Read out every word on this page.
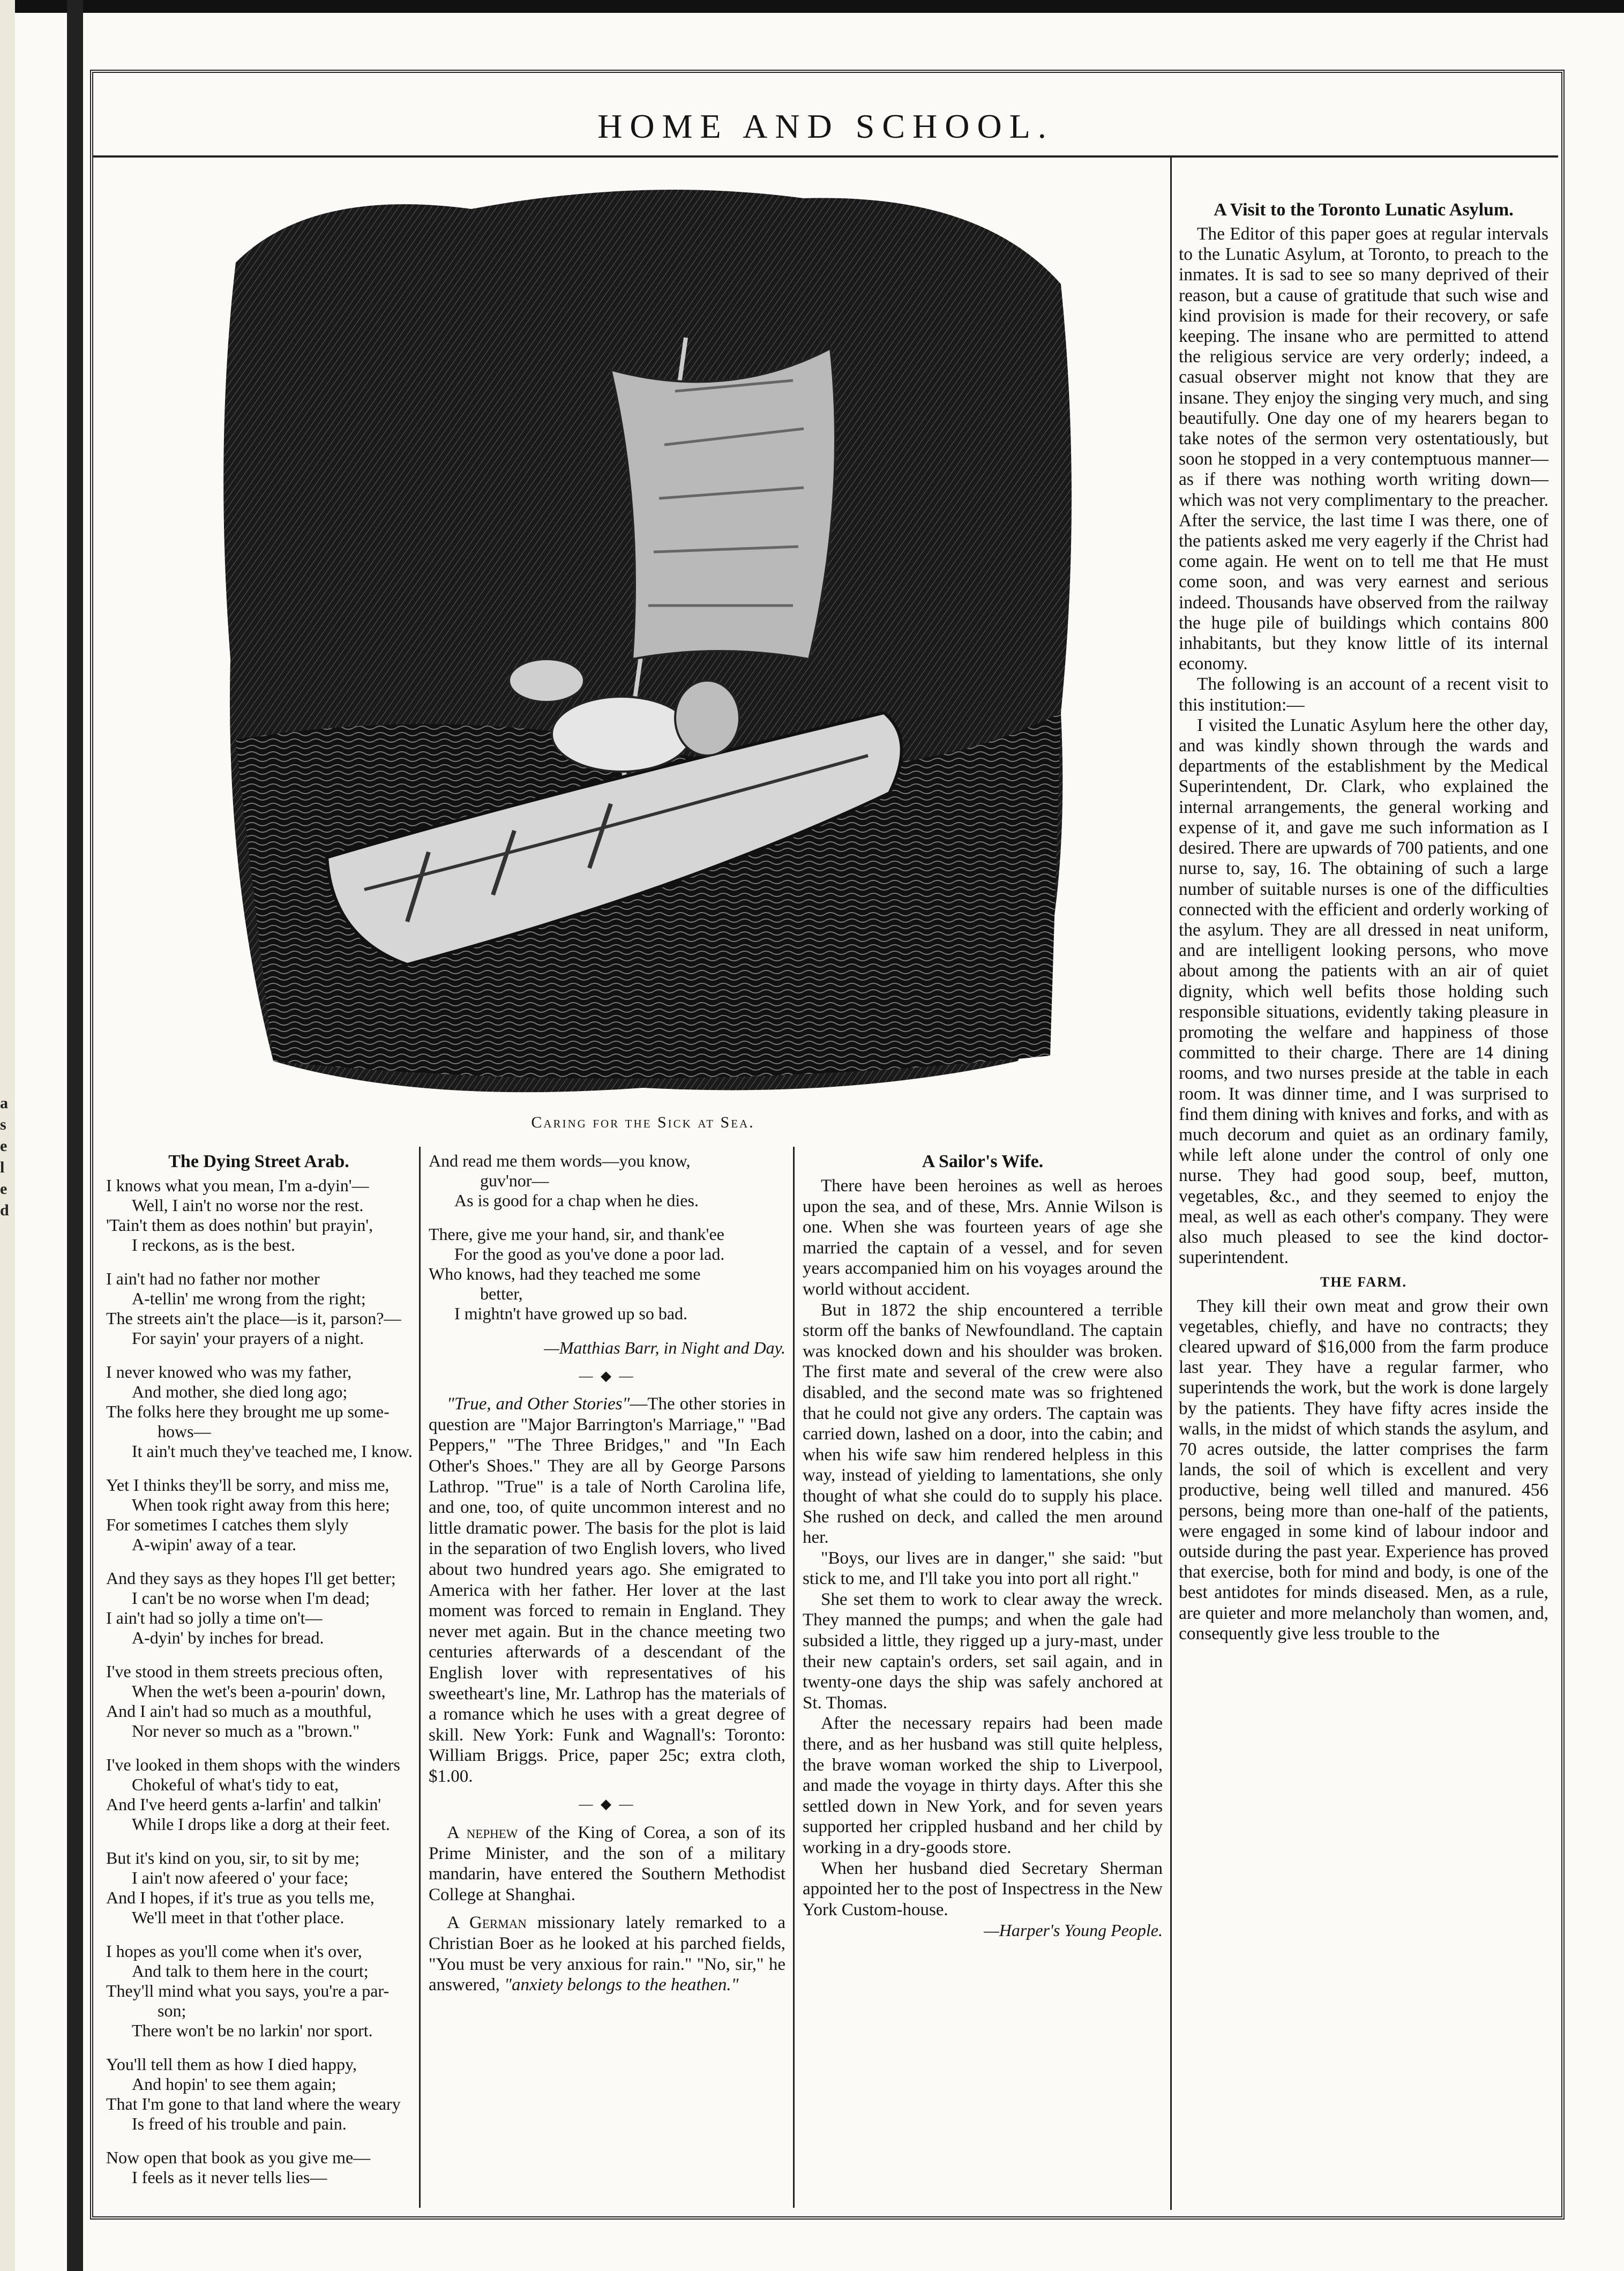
a
s
e
l
e
d
HOME AND SCHOOL.
Caring for the Sick at Sea.
The Dying Street Arab.
I knows what you mean, I'm a-dyin'—
Well, I ain't no worse nor the rest.
'Tain't them as does nothin' but prayin',
I reckons, as is the best.
I ain't had no father nor mother
A-tellin' me wrong from the right;
The streets ain't the place—is it, parson?—
For sayin' your prayers of a night.
I never knowed who was my father,
And mother, she died long ago;
The folks here they brought me up some-
hows—
It ain't much they've teached me, I know.
Yet I thinks they'll be sorry, and miss me,
When took right away from this here;
For sometimes I catches them slyly
A-wipin' away of a tear.
And they says as they hopes I'll get better;
I can't be no worse when I'm dead;
I ain't had so jolly a time on't—
A-dyin' by inches for bread.
I've stood in them streets precious often,
When the wet's been a-pourin' down,
And I ain't had so much as a mouthful,
Nor never so much as a "brown."
I've looked in them shops with the winders
Chokeful of what's tidy to eat,
And I've heerd gents a-larfin' and talkin'
While I drops like a dorg at their feet.
But it's kind on you, sir, to sit by me;
I ain't now afeered o' your face;
And I hopes, if it's true as you tells me,
We'll meet in that t'other place.
I hopes as you'll come when it's over,
And talk to them here in the court;
They'll mind what you says, you're a par-
son;
There won't be no larkin' nor sport.
You'll tell them as how I died happy,
And hopin' to see them again;
That I'm gone to that land where the weary
Is freed of his trouble and pain.
Now open that book as you give me—
I feels as it never tells lies—
And read me them words—you know,
guv'nor—
As is good for a chap when he dies.
There, give me your hand, sir, and thank'ee
For the good as you've done a poor lad.
Who knows, had they teached me some
better,
I mightn't have growed up so bad.
—Matthias Barr, in Night and Day.
— ◆ —

"True, and Other Stories"—The other stories in question are "Major Barrington's Marriage," "Bad Peppers," "The Three Bridges," and "In Each Other's Shoes." They are all by George Parsons Lathrop. "True" is a tale of North Carolina life, and one, too, of quite uncommon interest and no little dramatic power. The basis for the plot is laid in the separation of two English lovers, who lived about two hundred years ago. She emigrated to America with her father. Her lover at the last moment was forced to remain in England. They never met again. But in the chance meeting two centuries afterwards of a descendant of the English lover with representatives of his sweetheart's line, Mr. Lathrop has the materials of a romance which he uses with a great degree of skill. New York: Funk and Wagnall's: Toronto: William Briggs. Price, paper 25c; extra cloth, $1.00.

— ◆ —

A nephew of the King of Corea, a son of its Prime Minister, and the son of a military mandarin, have entered the Southern Methodist College at Shanghai.

A German missionary lately remarked to a Christian Boer as he looked at his parched fields, "You must be very anxious for rain." "No, sir," he answered, "anxiety belongs to the heathen."

A Sailor's Wife.

There have been heroines as well as heroes upon the sea, and of these, Mrs. Annie Wilson is one. When she was fourteen years of age she married the captain of a vessel, and for seven years accompanied him on his voyages around the world without accident.

But in 1872 the ship encountered a terrible storm off the banks of Newfoundland. The captain was knocked down and his shoulder was broken. The first mate and several of the crew were also disabled, and the second mate was so frightened that he could not give any orders. The captain was carried down, lashed on a door, into the cabin; and when his wife saw him rendered helpless in this way, instead of yielding to lamentations, she only thought of what she could do to supply his place. She rushed on deck, and called the men around her.

"Boys, our lives are in danger," she said: "but stick to me, and I'll take you into port all right."

She set them to work to clear away the wreck. They manned the pumps; and when the gale had subsided a little, they rigged up a jury-mast, under their new captain's orders, set sail again, and in twenty-one days the ship was safely anchored at St. Thomas.

After the necessary repairs had been made there, and as her husband was still quite helpless, the brave woman worked the ship to Liverpool, and made the voyage in thirty days. After this she settled down in New York, and for seven years supported her crippled husband and her child by working in a dry-goods store.

When her husband died Secretary Sherman appointed her to the post of Inspectress in the New York Custom-house.

—Harper's Young People.
A Visit to the Toronto Lunatic Asylum.

The Editor of this paper goes at regular intervals to the Lunatic Asylum, at Toronto, to preach to the inmates. It is sad to see so many deprived of their reason, but a cause of gratitude that such wise and kind provision is made for their recovery, or safe keeping. The insane who are permitted to attend the religious service are very orderly; indeed, a casual observer might not know that they are insane. They enjoy the singing very much, and sing beautifully. One day one of my hearers began to take notes of the sermon very ostentatiously, but soon he stopped in a very contemptuous manner—as if there was nothing worth writing down—which was not very complimentary to the preacher. After the service, the last time I was there, one of the patients asked me very eagerly if the Christ had come again. He went on to tell me that He must come soon, and was very earnest and serious indeed. Thousands have observed from the railway the huge pile of buildings which contains 800 inhabitants, but they know little of its internal economy.

The following is an account of a recent visit to this institution:—

I visited the Lunatic Asylum here the other day, and was kindly shown through the wards and departments of the establishment by the Medical Superintendent, Dr. Clark, who explained the internal arrangements, the general working and expense of it, and gave me such information as I desired. There are upwards of 700 patients, and one nurse to, say, 16. The obtaining of such a large number of suitable nurses is one of the difficulties connected with the efficient and orderly working of the asylum. They are all dressed in neat uniform, and are intelligent looking persons, who move about among the patients with an air of quiet dignity, which well befits those holding such responsible situations, evidently taking pleasure in promoting the welfare and happiness of those committed to their charge. There are 14 dining rooms, and two nurses preside at the table in each room. It was dinner time, and I was surprised to find them dining with knives and forks, and with as much decorum and quiet as an ordinary family, while left alone under the control of only one nurse. They had good soup, beef, mutton, vegetables, &c., and they seemed to enjoy the meal, as well as each other's company. They were also much pleased to see the kind doctor-superintendent.

THE FARM.

They kill their own meat and grow their own vegetables, chiefly, and have no contracts; they cleared upward of $16,000 from the farm produce last year. They have a regular farmer, who superintends the work, but the work is done largely by the patients. They have fifty acres inside the walls, in the midst of which stands the asylum, and 70 acres outside, the latter comprises the farm lands, the soil of which is excellent and very productive, being well tilled and manured. 456 persons, being more than one-half of the patients, were engaged in some kind of labour indoor and outside during the past year. Experience has proved that exercise, both for mind and body, is one of the best antidotes for minds diseased. Men, as a rule, are quieter and more melancholy than women, and, consequently give less trouble to the
